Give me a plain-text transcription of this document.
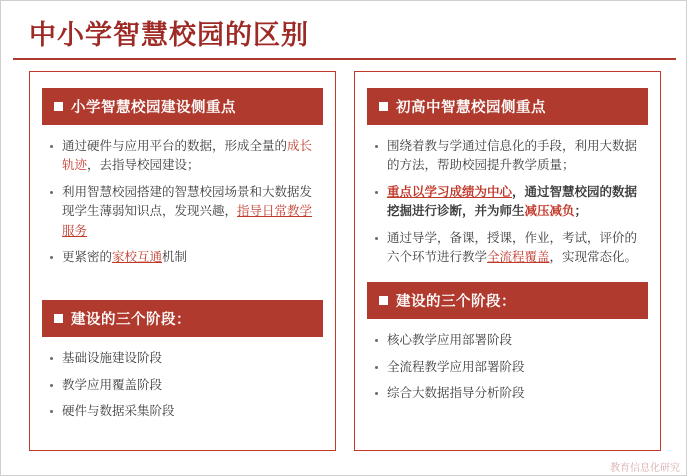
中小学智慧校园的区别
小学智慧校园建设侧重点
通过硬件与应用平台的数据，形成全量的成长轨迹，去指导校园建设；
利用智慧校园搭建的智慧校园场景和大数据发现学生薄弱知识点，发现兴趣，指导日常教学服务
更紧密的家校互通机制
建设的三个阶段：
基础设施建设阶段
教学应用覆盖阶段
硬件与数据采集阶段
初高中智慧校园侧重点
围绕着教与学通过信息化的手段，利用大数据的方法，帮助校园提升教学质量；
重点以学习成绩为中心，通过智慧校园的数据挖掘进行诊断，并为师生减压减负；
通过导学，备课，授课，作业，考试，评价的六个环节进行教学全流程覆盖，实现常态化。
建设的三个阶段：
核心教学应用部署阶段
全流程教学应用部署阶段
综合大数据指导分析阶段
教育信息化研究
